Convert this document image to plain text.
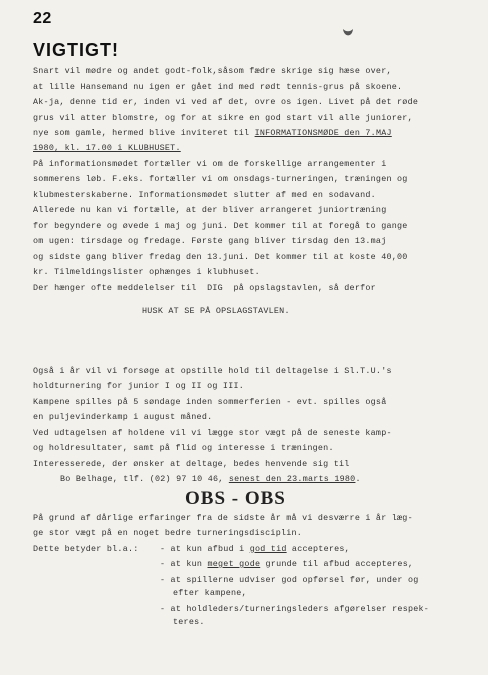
22
VIGTIGT!
Snart vil mødre og andet godt-folk,såsom fædre skrige sig hæse over,
at lille Hansemand nu igen er gået ind med rødt tennis-grus på skoene.
Ak-ja, denne tid er, inden vi ved af det, ovre os igen. Livet på det røde
grus vil atter blomstre, og for at sikre en god start vil alle juniorer,
nye som gamle, hermed blive inviteret til INFORMATIONSMØDE den 7.MAJ
1980, kl. 17.00 i KLUBHUSET.
På informationsmødet fortæller vi om de forskellige arrangementer i
sommerens løb. F.eks. fortæller vi om onsdags-turneringen, træningen og
klubmesterskaberne. Informationsmødet slutter af med en sodavand.
Allerede nu kan vi fortælle, at der bliver arrangeret juniortræning
for begyndere og øvede i maj og juni. Det kommer til at foregå to gange
om ugen: tirsdage og fredage. Første gang bliver tirsdag den 13.maj
og sidste gang bliver fredag den 13.juni. Det kommer til at koste 40,00
kr. Tilmeldingslister ophænges i klubhuset.
Der hænger ofte meddelelser til  DIG  på opslagstavlen, så derfor
HUSK AT SE PÅ OPSLAGSTAVLEN.
Også i år vil vi forsøge at opstille hold til deltagelse i Sl.T.U.'s
holdturnering for junior I og II og III.
Kampene spilles på 5 søndage inden sommerferien - evt. spilles også
en puljevinderkamp i august måned.
Ved udtagelsen af holdene vil vi lægge stor vægt på de seneste kamp-
og holdresultater, samt på flid og interesse i træningen.
Interesserede, der ønsker at deltage, bedes henvende sig til
Bo Belhage, tlf. (02) 97 10 46, senest den 23.marts 1980.
OBS - OBS
På grund af dårlige erfaringer fra de sidste år må vi desværre i år læg-
ge stor vægt på en noget bedre turneringsdisciplin.
Dette betyder bl.a.:	- at kun afbud i god tid accepteres,
- at kun meget gode grunde til afbud accepteres,
- at spillerne udviser god opførsel før, under og
efter kampene,
- at holdleders/turneringsleders afgørelser respek-
teres.
